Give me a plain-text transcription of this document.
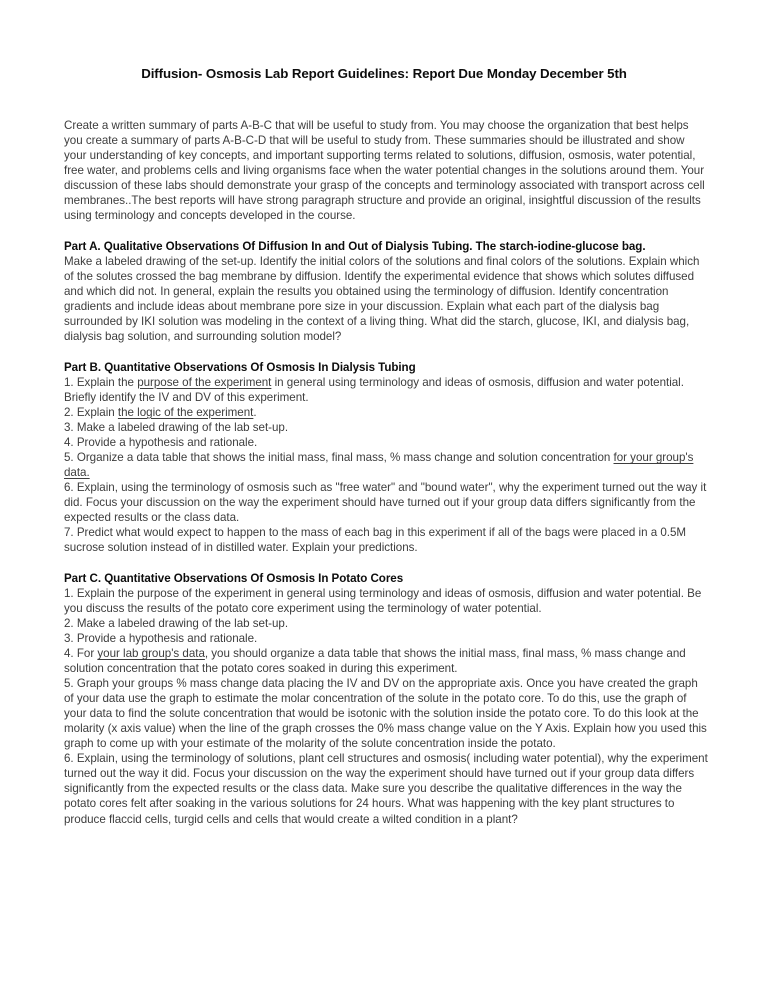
Diffusion- Osmosis Lab Report Guidelines: Report Due Monday December 5th

Create a written summary of parts A-B-C that will be useful to study from. You may choose the organization that best helps you create a summary of parts A-B-C-D that will be useful to study from. These summaries should be illustrated and show your understanding of key concepts, and important supporting terms related to solutions, diffusion, osmosis, water potential, free water, and problems cells and living organisms face when the water potential changes in the solutions around them. Your discussion of these labs should demonstrate your grasp of the concepts and terminology associated with transport across cell membranes..The best reports will have strong paragraph structure and provide an original, insightful discussion of the results using terminology and concepts developed in the course.

Part A. Qualitative Observations Of Diffusion In and Out of Dialysis Tubing. The starch-iodine-glucose bag.

Make a labeled drawing of the set-up. Identify the initial colors of the solutions and final colors of the solutions. Explain which of the solutes crossed the bag membrane by diffusion. Identify the experimental evidence that shows which solutes diffused and which did not. In general, explain the results you obtained using the terminology of diffusion. Identify concentration gradients and include ideas about membrane pore size in your discussion. Explain what each part of the dialysis bag surrounded by IKI solution was modeling in the context of a living thing. What did the starch, glucose, IKI, and dialysis bag, dialysis bag solution, and surrounding solution model?

Part B. Quantitative Observations Of Osmosis In Dialysis Tubing

1. Explain the purpose of the experiment in general using terminology and ideas of osmosis, diffusion and water potential. Briefly identify the IV and DV of this experiment.

2. Explain the logic of the experiment.

3. Make a labeled drawing of the lab set-up.

4. Provide a hypothesis and rationale.

5. Organize a data table that shows the initial mass, final mass, % mass change and solution concentration for your group's data.

6. Explain, using the terminology of osmosis such as "free water" and "bound water", why the experiment turned out the way it did. Focus your discussion on the way the experiment should have turned out if your group data differs significantly from the expected results or the class data.

7. Predict what would expect to happen to the mass of each bag in this experiment if all of the bags were placed in a 0.5M sucrose solution instead of in distilled water. Explain your predictions.

Part C. Quantitative Observations Of Osmosis In Potato Cores

1. Explain the purpose of the experiment in general using terminology and ideas of osmosis, diffusion and water potential. Be you discuss the results of the potato core experiment using the terminology of water potential.

2. Make a labeled drawing of the lab set-up.

3. Provide a hypothesis and rationale.

4. For your lab group's data, you should organize a data table that shows the initial mass, final mass, % mass change and solution concentration that the potato cores soaked in during this experiment.

5. Graph your groups % mass change data placing the IV and DV on the appropriate axis. Once you have created the graph of your data use the graph to estimate the molar concentration of the solute in the potato core. To do this, use the graph of your data to find the solute concentration that would be isotonic with the solution inside the potato core. To do this look at the molarity (x axis value) when the line of the graph crosses the 0% mass change value on the Y Axis. Explain how you used this graph to come up with your estimate of the molarity of the solute concentration inside the potato.

6. Explain, using the terminology of solutions, plant cell structures and osmosis( including water potential), why the experiment turned out the way it did. Focus your discussion on the way the experiment should have turned out if your group data differs significantly from the expected results or the class data. Make sure you describe the qualitative differences in the way the potato cores felt after soaking in the various solutions for 24 hours. What was happening with the key plant structures to produce flaccid cells, turgid cells and cells that would create a wilted condition in a plant?
